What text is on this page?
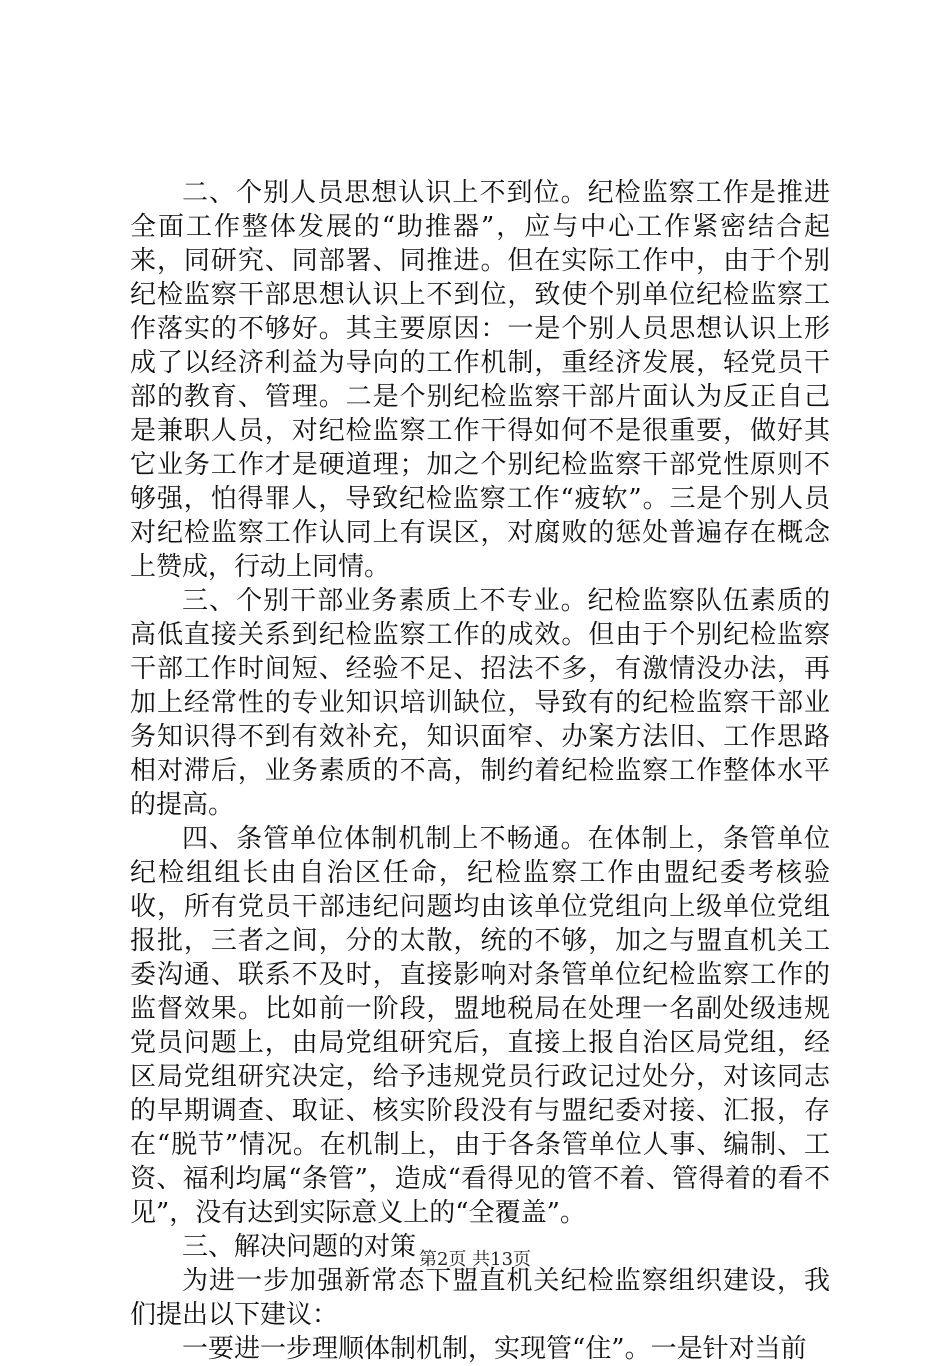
二、个别人员思想认识上不到位。纪检监察工作是推进全面工作整体发展的“助推器”，应与中心工作紧密结合起来，同研究、同部署、同推进。但在实际工作中，由于个别纪检监察干部思想认识上不到位，致使个别单位纪检监察工作落实的不够好。其主要原因：一是个别人员思想认识上形成了以经济利益为导向的工作机制，重经济发展，轻党员干部的教育、管理。二是个别纪检监察干部片面认为反正自己是兼职人员，对纪检监察工作干得如何不是很重要，做好其它业务工作才是硬道理；加之个别纪检监察干部党性原则不够强，怕得罪人，导致纪检监察工作“疲软”。三是个别人员对纪检监察工作认同上有误区，对腐败的惩处普遍存在概念上赞成，行动上同情。

三、个别干部业务素质上不专业。纪检监察队伍素质的高低直接关系到纪检监察工作的成效。但由于个别纪检监察干部工作时间短、经验不足、招法不多，有激情没办法，再加上经常性的专业知识培训缺位，导致有的纪检监察干部业务知识得不到有效补充，知识面窄、办案方法旧、工作思路相对滞后，业务素质的不高，制约着纪检监察工作整体水平的提高。

四、条管单位体制机制上不畅通。在体制上，条管单位纪检组组长由自治区任命，纪检监察工作由盟纪委考核验收，所有党员干部违纪问题均由该单位党组向上级单位党组报批，三者之间，分的太散，统的不够，加之与盟直机关工委沟通、联系不及时，直接影响对条管单位纪检监察工作的监督效果。比如前一阶段，盟地税局在处理一名副处级违规党员问题上，由局党组研究后，直接上报自治区局党组，经区局党组研究决定，给予违规党员行政记过处分，对该同志的早期调查、取证、核实阶段没有与盟纪委对接、汇报，存在“脱节”情况。在机制上，由于各条管单位人事、编制、工资、福利均属“条管”，造成“看得见的管不着、管得着的看不见”，没有达到实际意义上的“全覆盖”。

三、解决问题的对策

为进一步加强新常态下盟直机关纪检监察组织建设，我们提出以下建议：

一要进一步理顺体制机制，实现管“住”。一是针对当前

第2页 共13页
